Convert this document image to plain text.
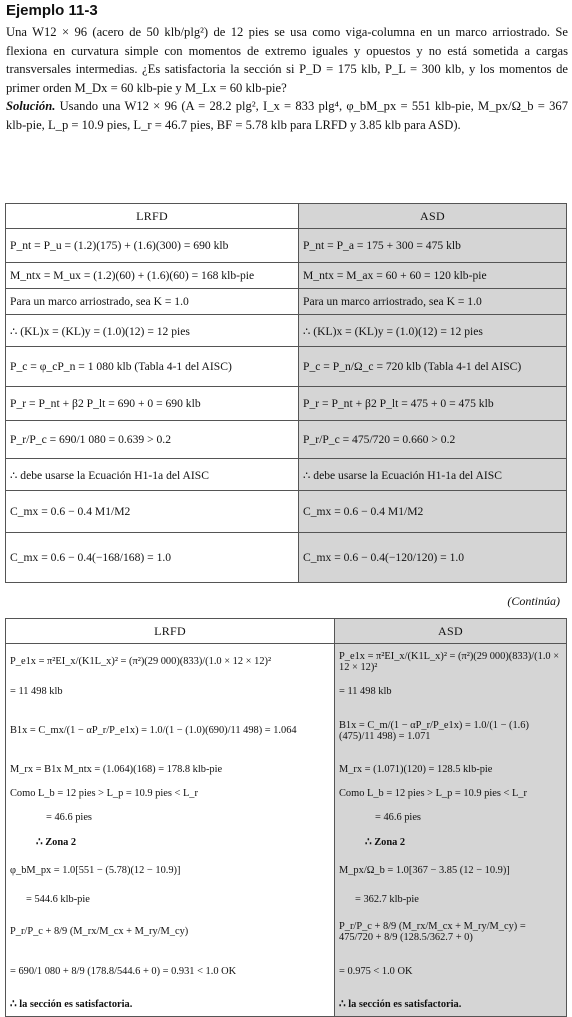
Ejemplo 11-3

Una W12 × 96 (acero de 50 klb/plg²) de 12 pies se usa como viga-columna en un marco arriostrado. Se flexiona en curvatura simple con momentos de extremo iguales y opuestos y no está sometida a cargas transversales intermedias. ¿Es satisfactoria la sección si P_D = 175 klb, P_L = 300 klb, y los momentos de primer orden M_Dx = 60 klb-pie y M_Lx = 60 klb-pie?

Solución. Usando una W12 × 96 (A = 28.2 plg², I_x = 833 plg⁴, φ_bM_px = 551 klb-pie, M_px/Ω_b = 367 klb-pie, L_p = 10.9 pies, L_r = 46.7 pies, BF = 5.78 klb para LRFD y 3.85 klb para ASD).

LRFD	ASD
P_nt = P_u = (1.2)(175) + (1.6)(300) = 690 klb	P_nt = P_a = 175 + 300 = 475 klb
M_ntx = M_ux = (1.2)(60) + (1.6)(60) = 168 klb-pie	M_ntx = M_ax = 60 + 60 = 120 klb-pie
Para un marco arriostrado, sea K = 1.0	Para un marco arriostrado, sea K = 1.0
∴ (KL)x = (KL)y = (1.0)(12) = 12 pies	∴ (KL)x = (KL)y = (1.0)(12) = 12 pies
P_c = φ_cP_n = 1 080 klb (Tabla 4-1 del AISC)	P_c = P_n/Ω_c = 720 klb (Tabla 4-1 del AISC)
P_r = P_nt + β2 P_lt = 690 + 0 = 690 klb	P_r = P_nt + β2 P_lt = 475 + 0 = 475 klb
P_r/P_c = 690/1 080 = 0.639 > 0.2	P_r/P_c = 475/720 = 0.660 > 0.2
∴ debe usarse la Ecuación H1-1a del AISC	∴ debe usarse la Ecuación H1-1a del AISC
C_mx = 0.6 − 0.4 M1/M2	C_mx = 0.6 − 0.4 M1/M2
C_mx = 0.6 − 0.4(−168/168) = 1.0	C_mx = 0.6 − 0.4(−120/120) = 1.0
(Continúa)
LRFD	ASD
P_e1x = π²EI_x/(K1L_x)² = (π²)(29 000)(833)/(1.0 × 12 × 12)²	P_e1x = π²EI_x/(K1L_x)² = (π²)(29 000)(833)/(1.0 × 12 × 12)²
= 11 498 klb	= 11 498 klb
B1x = C_mx/(1 − αP_r/P_e1x) = 1.0/(1 − (1.0)(690)/11 498) = 1.064	B1x = C_m/(1 − αP_r/P_e1x) = 1.0/(1 − (1.6)(475)/11 498) = 1.071
M_rx = B1x M_ntx = (1.064)(168) = 178.8 klb-pie	M_rx = (1.071)(120) = 128.5 klb-pie
Como L_b = 12 pies > L_p = 10.9 pies < L_r	Como L_b = 12 pies > L_p = 10.9 pies < L_r
= 46.6 pies	= 46.6 pies
∴ Zona 2	∴ Zona 2
φ_bM_px = 1.0[551 − (5.78)(12 − 10.9)]	M_px/Ω_b = 1.0[367 − 3.85 (12 − 10.9)]
= 544.6 klb-pie	= 362.7 klb-pie
P_r/P_c + 8/9 (M_rx/M_cx + M_ry/M_cy)	P_r/P_c + 8/9 (M_rx/M_cx + M_ry/M_cy) = 475/720 + 8/9 (128.5/362.7 + 0)
= 690/1 080 + 8/9 (178.8/544.6 + 0) = 0.931 < 1.0 OK	= 0.975 < 1.0 OK
∴ la sección es satisfactoria.	∴ la sección es satisfactoria.
